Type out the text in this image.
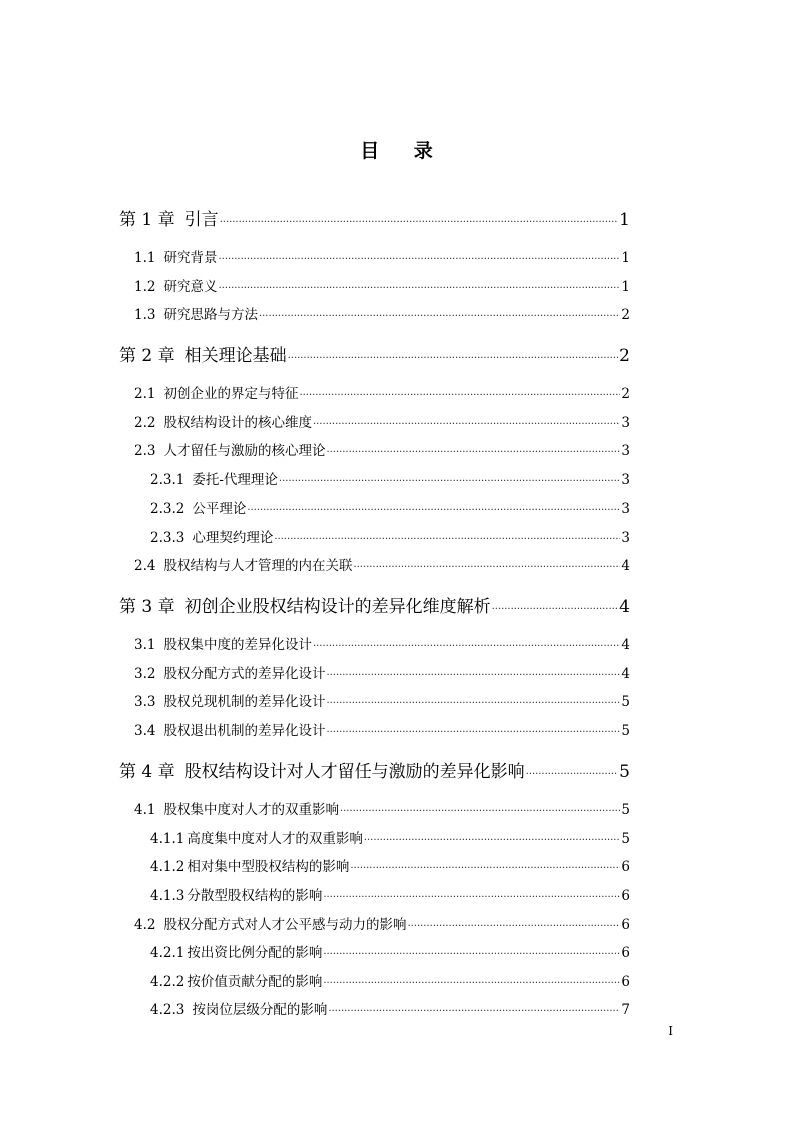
目 录
第 1 章 引言 . . .	1
1.1 研究背景 . . .	1
1.2 研究意义 . . .	1
1.3 研究思路与方法 . . .	2
第 2 章 相关理论基础 . . .	2
2.1 初创企业的界定与特征 . . .	2
2.2 股权结构设计的核心维度 . . .	3
2.3 人才留任与激励的核心理论 . . .	3
2.3.1 委托-代理理论 . . .	3
2.3.2 公平理论 . . .	3
2.3.3 心理契约理论 . . .	3
2.4 股权结构与人才管理的内在关联 . . .	4
第 3 章 初创企业股权结构设计的差异化维度解析 . . .	4
3.1 股权集中度的差异化设计 . . .	4
3.2 股权分配方式的差异化设计 . . .	4
3.3 股权兑现机制的差异化设计 . . .	5
3.4 股权退出机制的差异化设计 . . .	5
第 4 章 股权结构设计对人才留任与激励的差异化影响 . . .	5
4.1 股权集中度对人才的双重影响 . . .	5
4.1.1 高度集中度对人才的双重影响 . . .	5
4.1.2 相对集中型股权结构的影响 . . .	6
4.1.3 分散型股权结构的影响 . . .	6
4.2 股权分配方式对人才公平感与动力的影响 . . .	6
4.2.1 按出资比例分配的影响 . . .	6
4.2.2 按价值贡献分配的影响 . . .	6
4.2.3 按岗位层级分配的影响 . . .	7
I
